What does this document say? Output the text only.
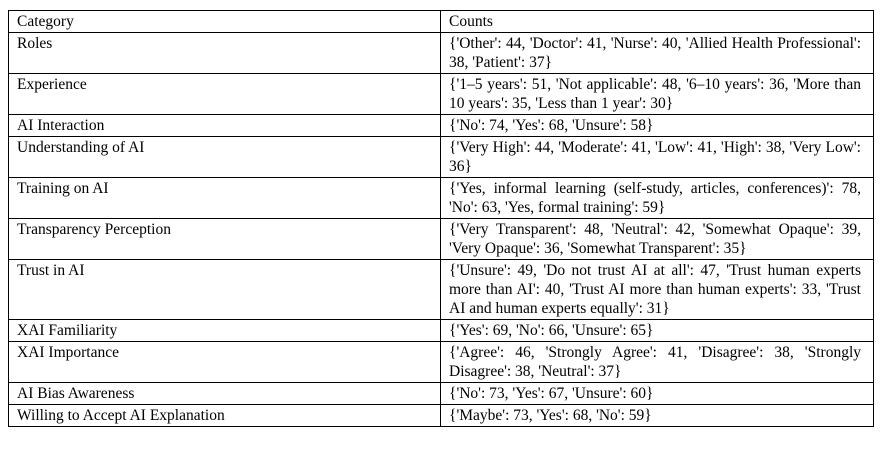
Category	Counts
Roles	{'Other': 44, 'Doctor': 41, 'Nurse': 40, 'Allied Health Professional': 38, 'Patient': 37}
Experience	{'1–5 years': 51, 'Not applicable': 48, '6–10 years': 36, 'More than 10 years': 35, 'Less than 1 year': 30}
AI Interaction	{'No': 74, 'Yes': 68, 'Unsure': 58}
Understanding of AI	{'Very High': 44, 'Moderate': 41, 'Low': 41, 'High': 38, 'Very Low': 36}
Training on AI	{'Yes, informal learning (self-study, articles, conferences)': 78, 'No': 63, 'Yes, formal training': 59}
Transparency Perception	{'Very Transparent': 48, 'Neutral': 42, 'Somewhat Opaque': 39, 'Very Opaque': 36, 'Somewhat Transparent': 35}
Trust in AI	{'Unsure': 49, 'Do not trust AI at all': 47, 'Trust human experts more than AI': 40, 'Trust AI more than human experts': 33, 'Trust AI and human experts equally': 31}
XAI Familiarity	{'Yes': 69, 'No': 66, 'Unsure': 65}
XAI Importance	{'Agree': 46, 'Strongly Agree': 41, 'Disagree': 38, 'Strongly Disagree': 38, 'Neutral': 37}
AI Bias Awareness	{'No': 73, 'Yes': 67, 'Unsure': 60}
Willing to Accept AI Explanation	{'Maybe': 73, 'Yes': 68, 'No': 59}
